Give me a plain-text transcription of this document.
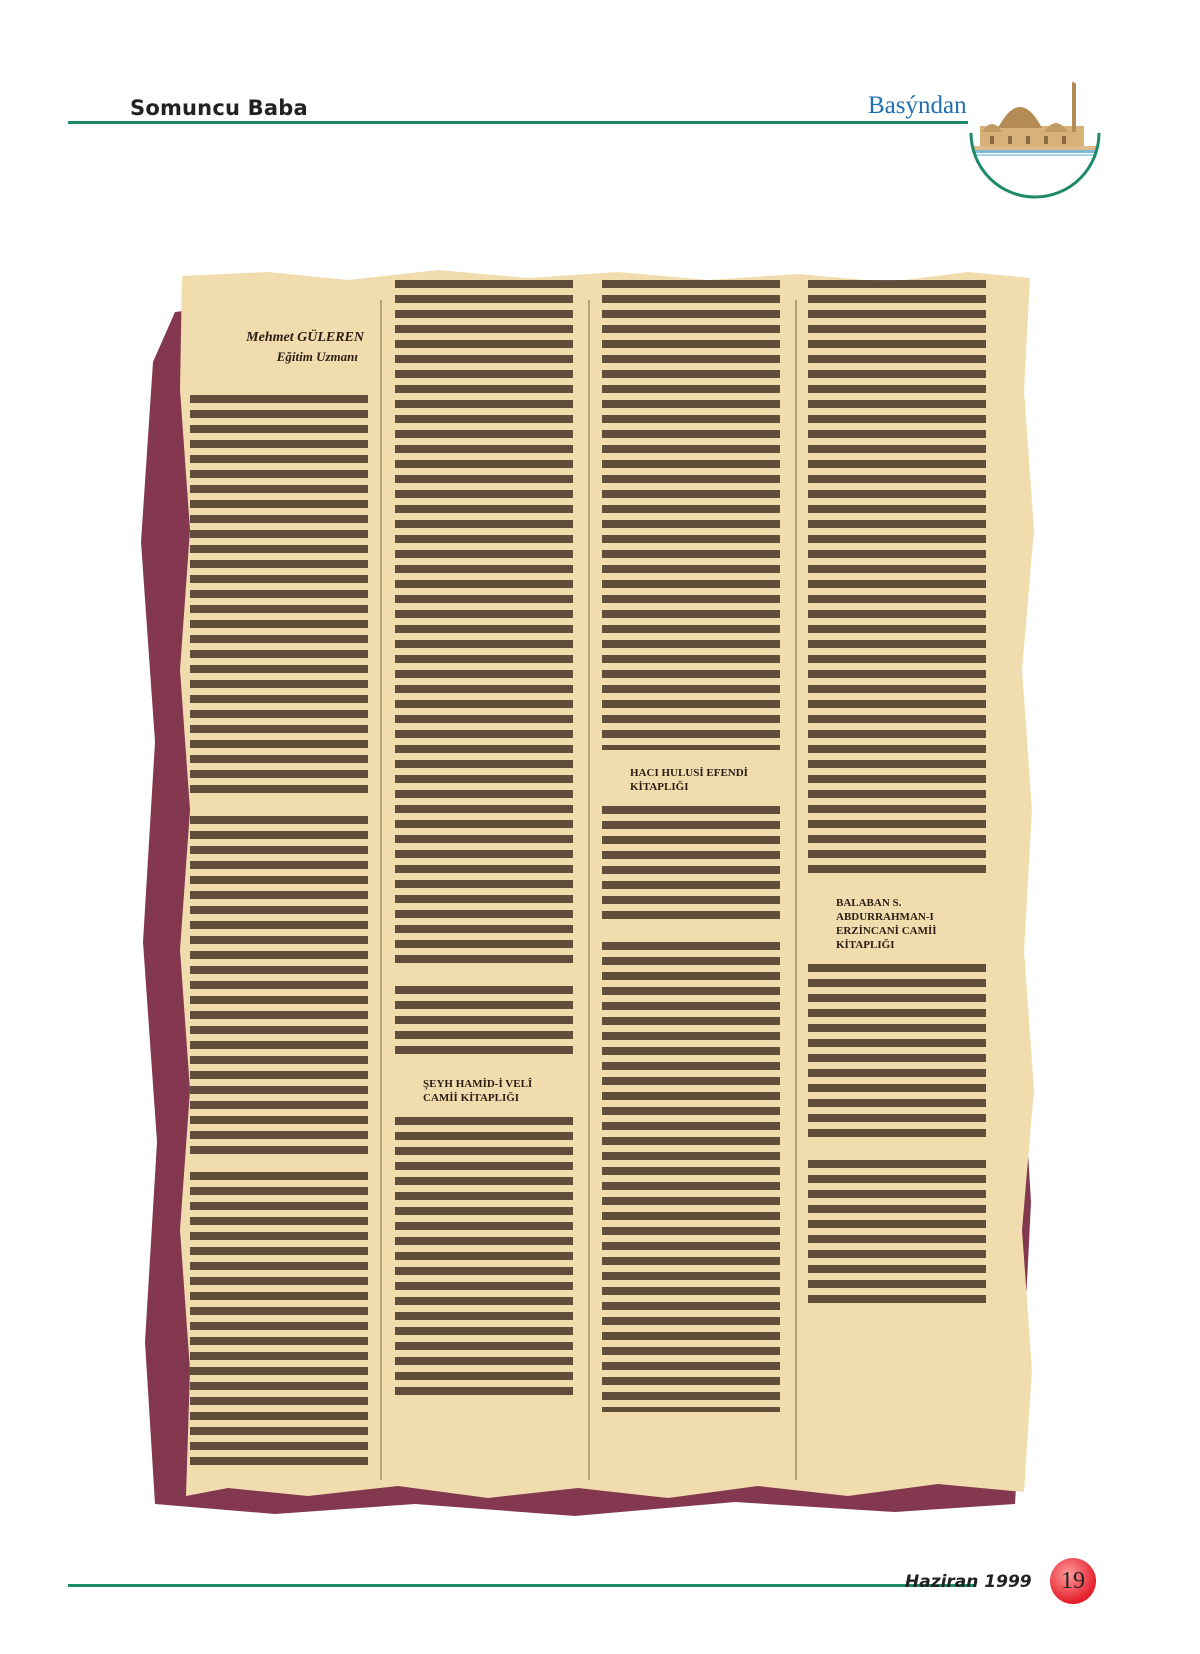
Somuncu Baba	Basýndan
Mehmet GÜLEREN
Eğitim Uzmanı
ŞEYH HAMİD-İ VELÎ CAMİİ KİTAPLIĞI
HACI HULUSİ EFENDİ KİTAPLIĞI
BALABAN S. ABDURRAHMAN-I ERZİNCANİ CAMİİ KİTAPLIĞI
Haziran 1999	19
